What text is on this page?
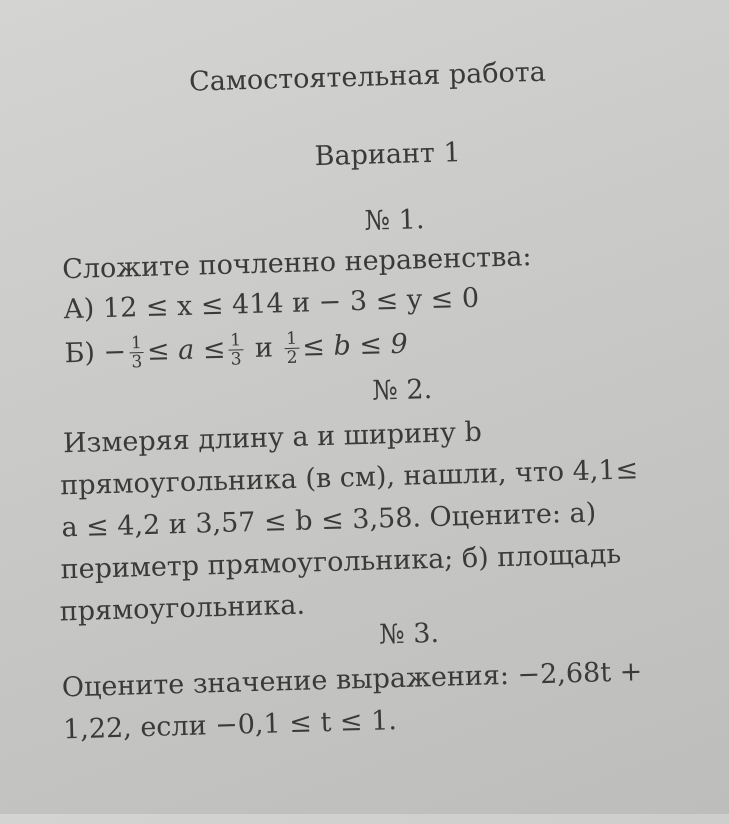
Самостоятельная работа
Вариант 1
№ 1.
Сложите почленно неравенства:
А) 12 ≤ x ≤ 414 и − 3 ≤ y ≤ 0
$Б) - \frac{1}{3} \le a \le \frac{1}{3}$ и $\frac{1}{2} \le b \le 9$
№ 2.
Измеряя длину a и ширину b
прямоугольника (в см), нашли, что 4,1≤
a ≤ 4,2 и 3,57 ≤ b ≤ 3,58. Оцените: а)
периметр прямоугольника; б) площадь
прямоугольника.
№ 3.
Оцените значение выражения: −2,68t +
1,22, если −0,1 ≤ t ≤ 1.
